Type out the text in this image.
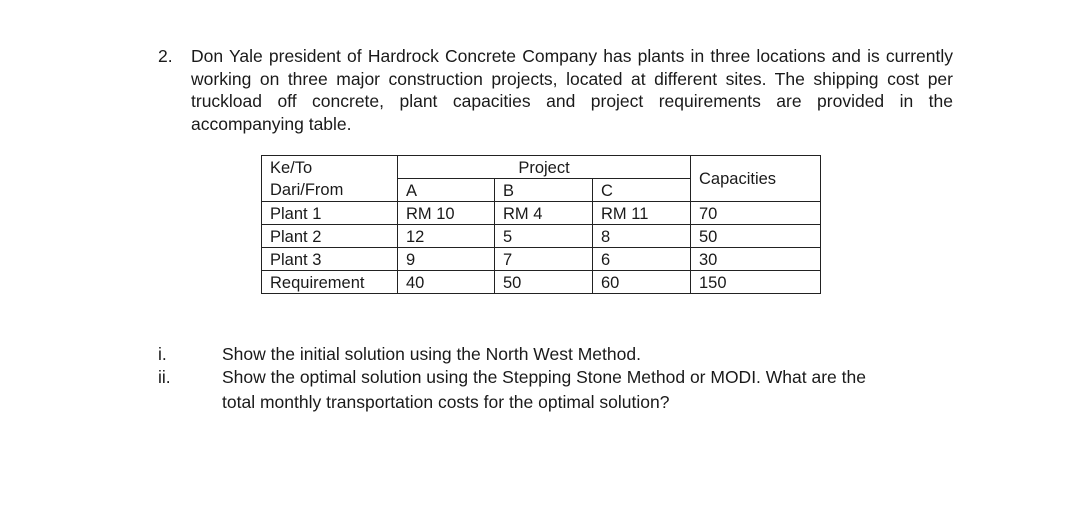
2. Don Yale president of Hardrock Concrete Company has plants in three locations and is currently working on three major construction projects, located at different sites. The shipping cost per truckload off concrete, plant capacities and project requirements are provided in the accompanying table.
Ke/To	Project			Capacities
Dari/From	A	B	C	
Plant 1	RM 10	RM 4	RM 11	70
Plant 2	12	5	8	50
Plant 3	9	7	6	30
Requirement	40	50	60	150
i.	Show the initial solution using the North West Method.
ii.	Show the optimal solution using the Stepping Stone Method or MODI. What are the
total monthly transportation costs for the optimal solution?
